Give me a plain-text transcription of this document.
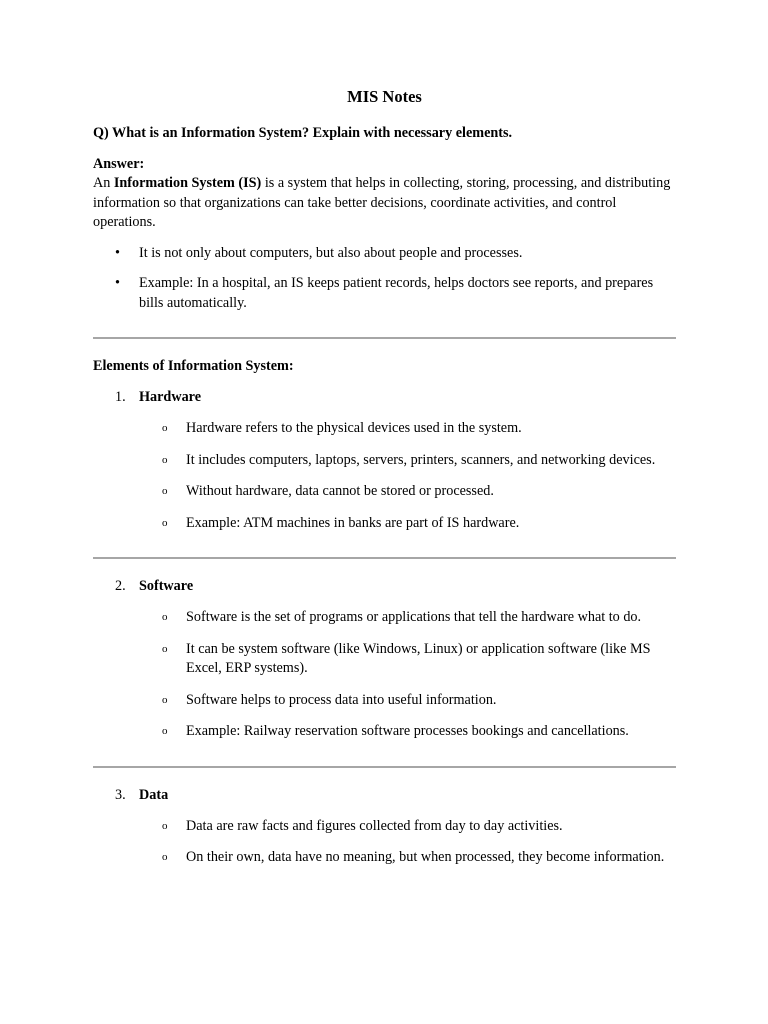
MIS Notes
Q) What is an Information System? Explain with necessary elements.
Answer:
An Information System (IS) is a system that helps in collecting, storing, processing, and distributing information so that organizations can take better decisions, coordinate activities, and control operations.
• It is not only about computers, but also about people and processes.
• Example: In a hospital, an IS keeps patient records, helps doctors see reports, and prepares bills automatically.
Elements of Information System:
1. Hardware
o Hardware refers to the physical devices used in the system.
o It includes computers, laptops, servers, printers, scanners, and networking devices.
o Without hardware, data cannot be stored or processed.
o Example: ATM machines in banks are part of IS hardware.
2. Software
o Software is the set of programs or applications that tell the hardware what to do.
o It can be system software (like Windows, Linux) or application software (like MS Excel, ERP systems).
o Software helps to process data into useful information.
o Example: Railway reservation software processes bookings and cancellations.
3. Data
o Data are raw facts and figures collected from day to day activities.
o On their own, data have no meaning, but when processed, they become information.
